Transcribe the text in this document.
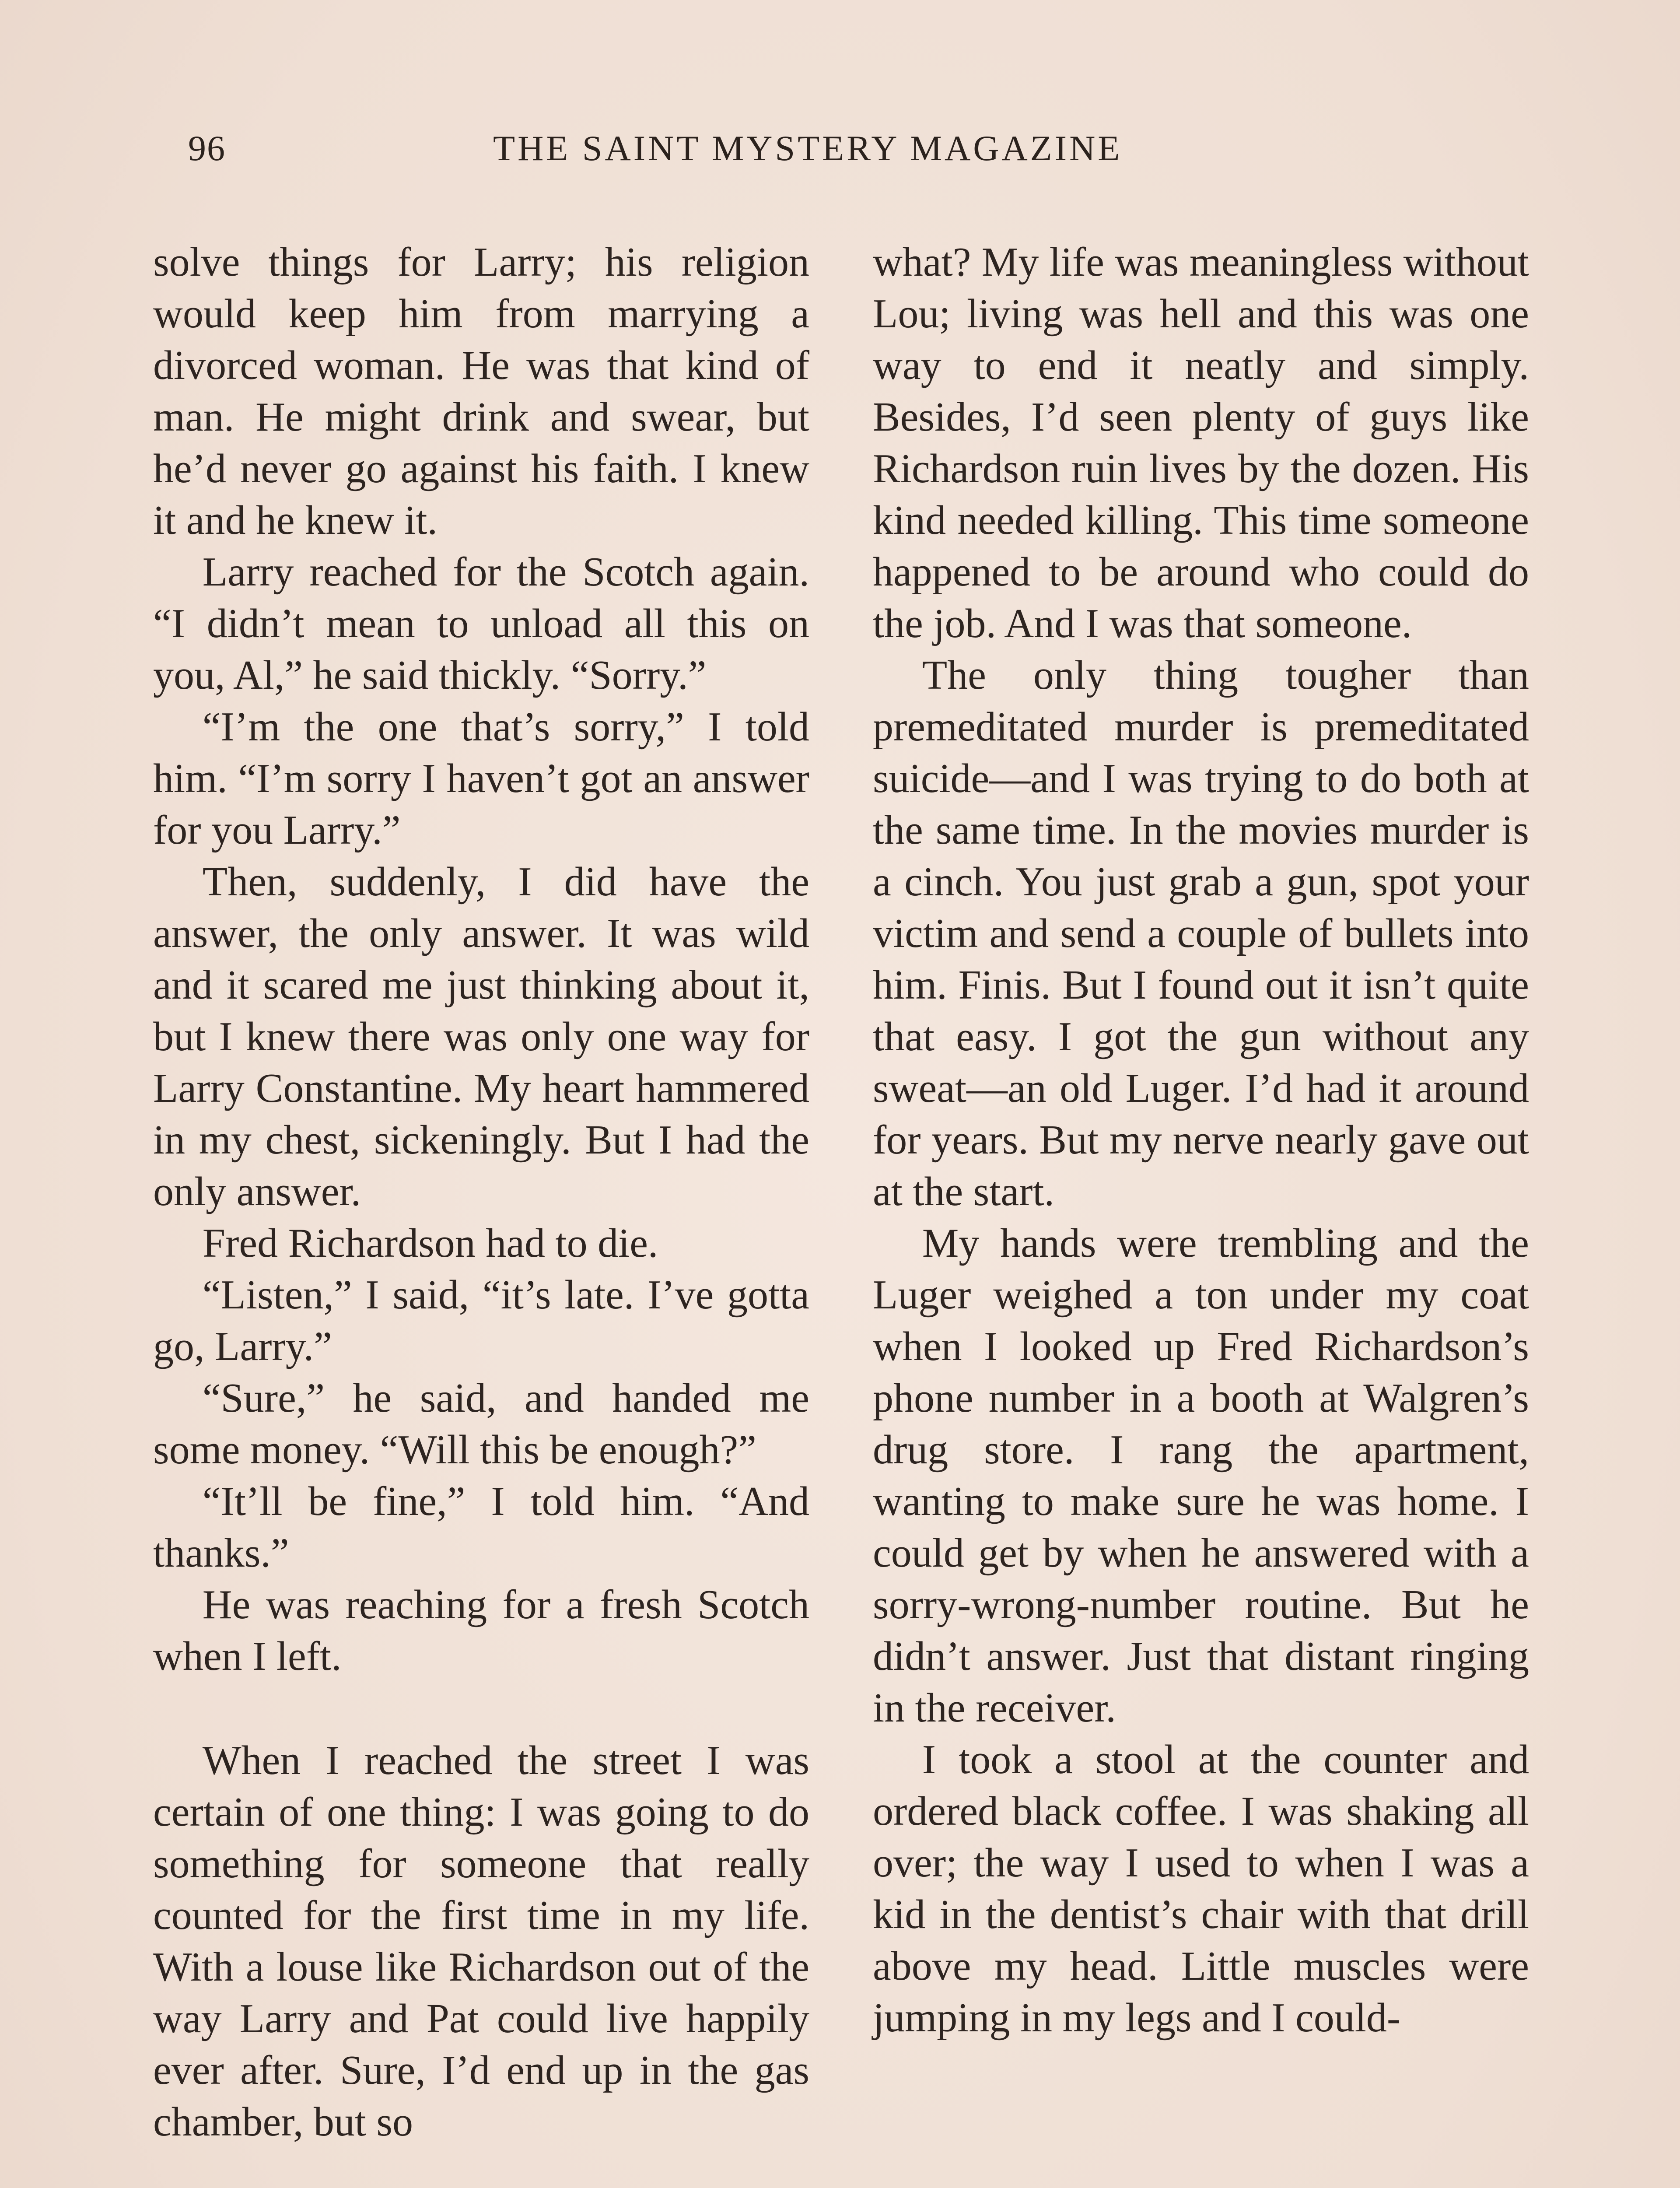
96	THE SAINT MYSTERY MAGAZINE

solve things for Larry; his religion would keep him from marrying a divorced woman. He was that kind of man. He might drink and swear, but he’d never go against his faith. I knew it and he knew it.

Larry reached for the Scotch again. “I didn’t mean to unload all this on you, Al,” he said thickly. “Sorry.”

“I’m the one that’s sorry,” I told him. “I’m sorry I haven’t got an answer for you Larry.”

Then, suddenly, I did have the answer, the only answer. It was wild and it scared me just thinking about it, but I knew there was only one way for Larry Constantine. My heart hammered in my chest, sickeningly. But I had the only answer.

Fred Richardson had to die.

“Listen,” I said, “it’s late. I’ve gotta go, Larry.”

“Sure,” he said, and handed me some money. “Will this be enough?”

“It’ll be fine,” I told him. “And thanks.”

He was reaching for a fresh Scotch when I left.

When I reached the street I was certain of one thing: I was going to do something for someone that really counted for the first time in my life. With a louse like Richardson out of the way Larry and Pat could live happily ever after. Sure, I’d end up in the gas chamber, but so

what? My life was meaningless without Lou; living was hell and this was one way to end it neatly and simply. Besides, I’d seen plenty of guys like Richardson ruin lives by the dozen. His kind needed killing. This time someone happened to be around who could do the job. And I was that someone.

The only thing tougher than premeditated murder is premeditated suicide—and I was trying to do both at the same time. In the movies murder is a cinch. You just grab a gun, spot your victim and send a couple of bullets into him. Finis. But I found out it isn’t quite that easy. I got the gun without any sweat—an old Luger. I’d had it around for years. But my nerve nearly gave out at the start.

My hands were trembling and the Luger weighed a ton under my coat when I looked up Fred Richardson’s phone number in a booth at Walgren’s drug store. I rang the apartment, wanting to make sure he was home. I could get by when he answered with a sorry-wrong-number routine. But he didn’t answer. Just that distant ringing in the receiver.

I took a stool at the counter and ordered black coffee. I was shaking all over; the way I used to when I was a kid in the dentist’s chair with that drill above my head. Little muscles were jumping in my legs and I could-
